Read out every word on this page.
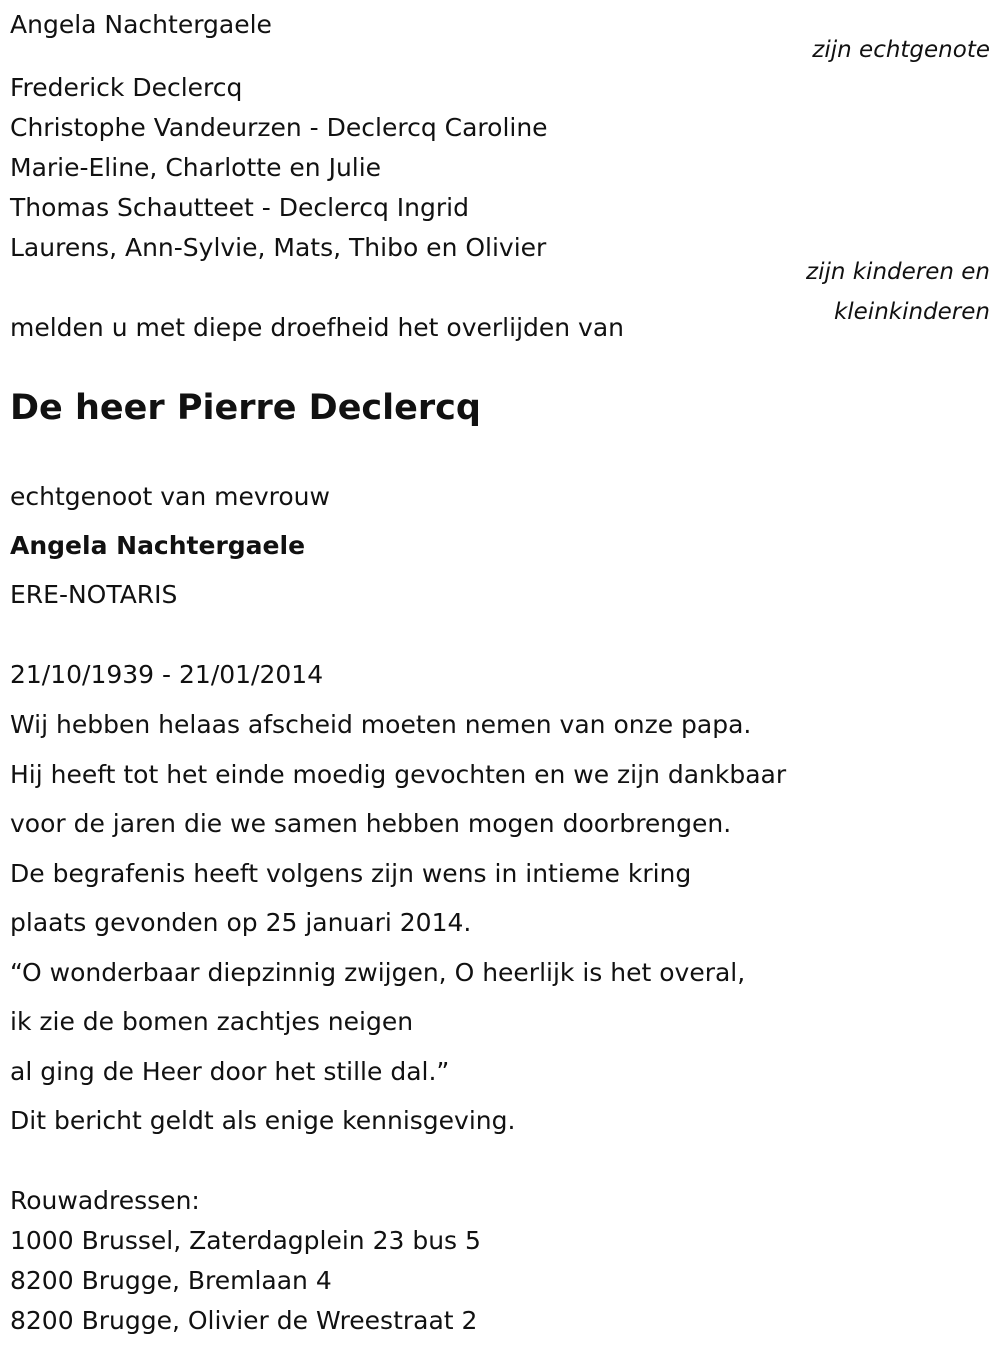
Angela Nachtergaele
zijn echtgenote
Frederick Declercq
Christophe Vandeurzen - Declercq Caroline
Marie-Eline, Charlotte en Julie
Thomas Schautteet - Declercq Ingrid
Laurens, Ann-Sylvie, Mats, Thibo en Olivier
zijn kinderen en
kleinkinderen
melden u met diepe droefheid het overlijden van
De heer Pierre Declercq
echtgenoot van mevrouw
Angela Nachtergaele
ERE-NOTARIS
21/10/1939 - 21/01/2014
Wij hebben helaas afscheid moeten nemen van onze papa.
Hij heeft tot het einde moedig gevochten en we zijn dankbaar
voor de jaren die we samen hebben mogen doorbrengen.
De begrafenis heeft volgens zijn wens in intieme kring
plaats gevonden op 25 januari 2014.
“O wonderbaar diepzinnig zwijgen, O heerlijk is het overal,
ik zie de bomen zachtjes neigen
al ging de Heer door het stille dal.”
Dit bericht geldt als enige kennisgeving.
Rouwadressen:
1000 Brussel, Zaterdagplein 23 bus 5
8200 Brugge, Bremlaan 4
8200 Brugge, Olivier de Wreestraat 2
